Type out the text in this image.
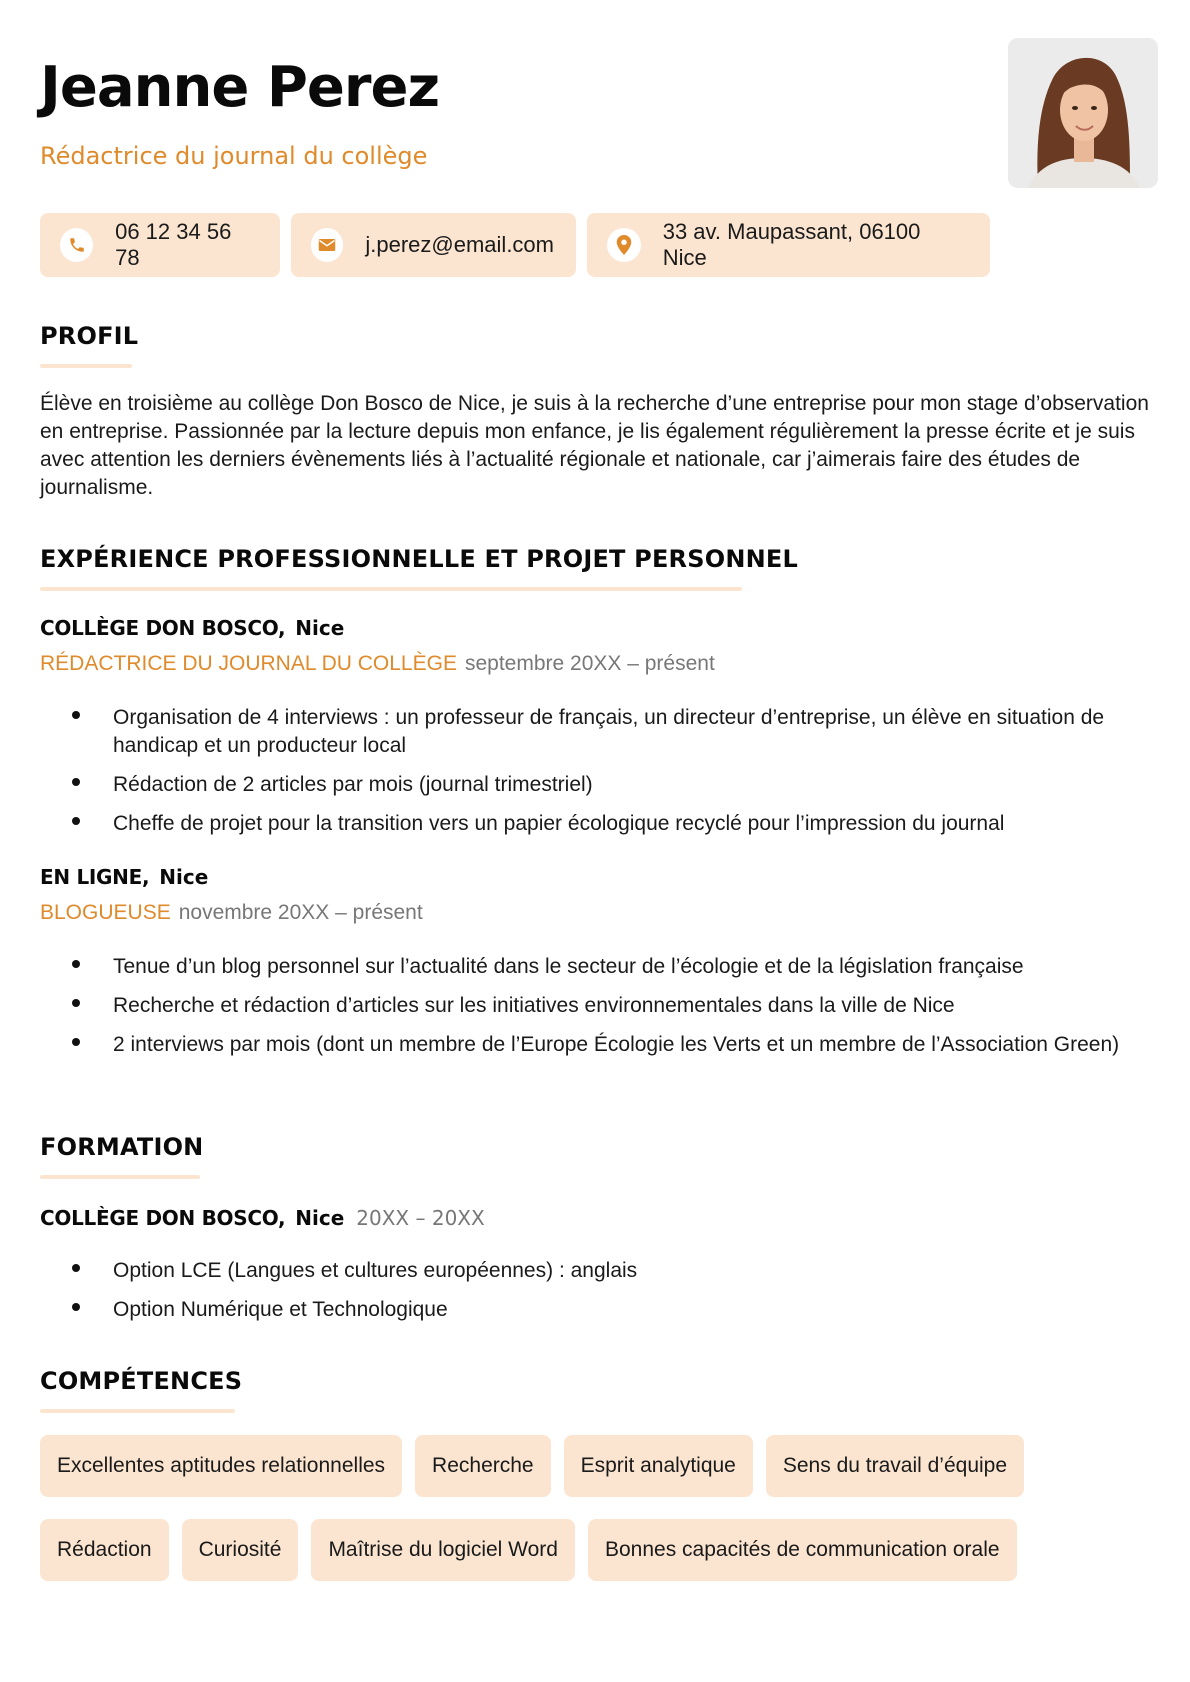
Jeanne Perez
Rédactrice du journal du collège
06 12 34 56 78
j.perez@email.com
33 av. Maupassant, 06100 Nice
PROFIL
Élève en troisième au collège Don Bosco de Nice, je suis à la recherche d’une entreprise pour mon stage d’observation en entreprise. Passionnée par la lecture depuis mon enfance, je lis également régulièrement la presse écrite et je suis avec attention les derniers évènements liés à l’actualité régionale et nationale, car j’aimerais faire des études de journalisme.
EXPÉRIENCE PROFESSIONNELLE ET PROJET PERSONNEL
COLLÈGE DON BOSCO, Nice
RÉDACTRICE DU JOURNAL DU COLLÈGE septembre 20XX – présent
Organisation de 4 interviews : un professeur de français, un directeur d’entreprise, un élève en situation de handicap et un producteur local
Rédaction de 2 articles par mois (journal trimestriel)
Cheffe de projet pour la transition vers un papier écologique recyclé pour l’impression du journal
EN LIGNE, Nice
BLOGUEUSE novembre 20XX – présent
Tenue d’un blog personnel sur l’actualité dans le secteur de l’écologie et de la législation française
Recherche et rédaction d’articles sur les initiatives environnementales dans la ville de Nice
2 interviews par mois (dont un membre de l’Europe Écologie les Verts et un membre de l’Association Green)
FORMATION
COLLÈGE DON BOSCO, Nice 20XX – 20XX
Option LCE (Langues et cultures européennes) : anglais
Option Numérique et Technologique
COMPÉTENCES
Excellentes aptitudes relationnelles	Recherche	Esprit analytique	Sens du travail d’équipe
Rédaction	Curiosité	Maîtrise du logiciel Word	Bonnes capacités de communication orale
